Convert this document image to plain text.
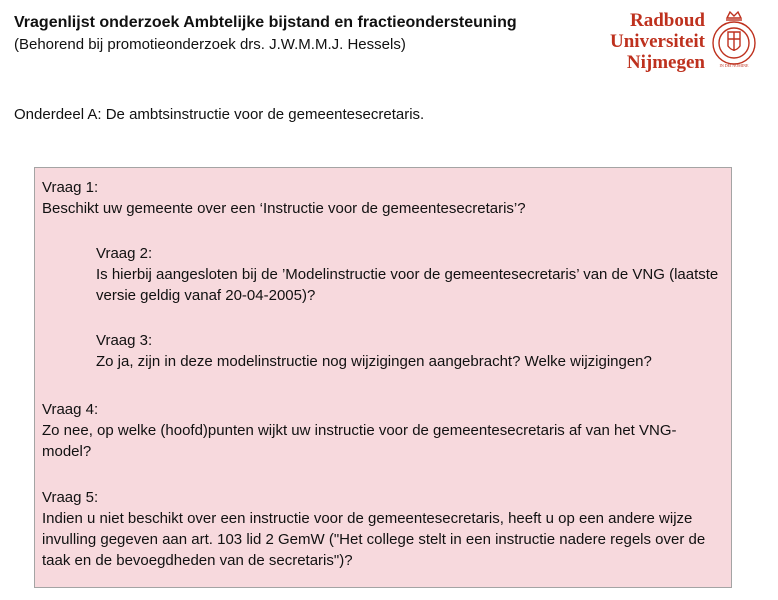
Vragenlijst onderzoek Ambtelijke bijstand en fractieondersteuning
(Behorend bij promotieonderzoek drs. J.W.M.M.J. Hessels)
Radboud
Universiteit
Nijmegen	IN DEI NOMINE
Onderdeel A: De ambtsinstructie voor de gemeentesecretaris.
Vraag 1:
Beschikt uw gemeente over een ‘Instructie voor de gemeentesecretaris’?
Vraag 2:
Is hierbij aangesloten bij de ’Modelinstructie voor de gemeentesecretaris’ van de VNG (laatste versie geldig vanaf 20-04-2005)?
Vraag 3:
Zo ja, zijn in deze modelinstructie nog wijzigingen aangebracht? Welke wijzigingen?
Vraag 4:
Zo nee, op welke (hoofd)punten wijkt uw instructie voor de gemeentesecretaris af van het VNG-model?
Vraag 5:
Indien u niet beschikt over een instructie voor de gemeentesecretaris, heeft u op een andere wijze invulling gegeven aan art. 103 lid 2 GemW ("Het college stelt in een instructie nadere regels over de taak en de bevoegdheden van de secretaris")?
